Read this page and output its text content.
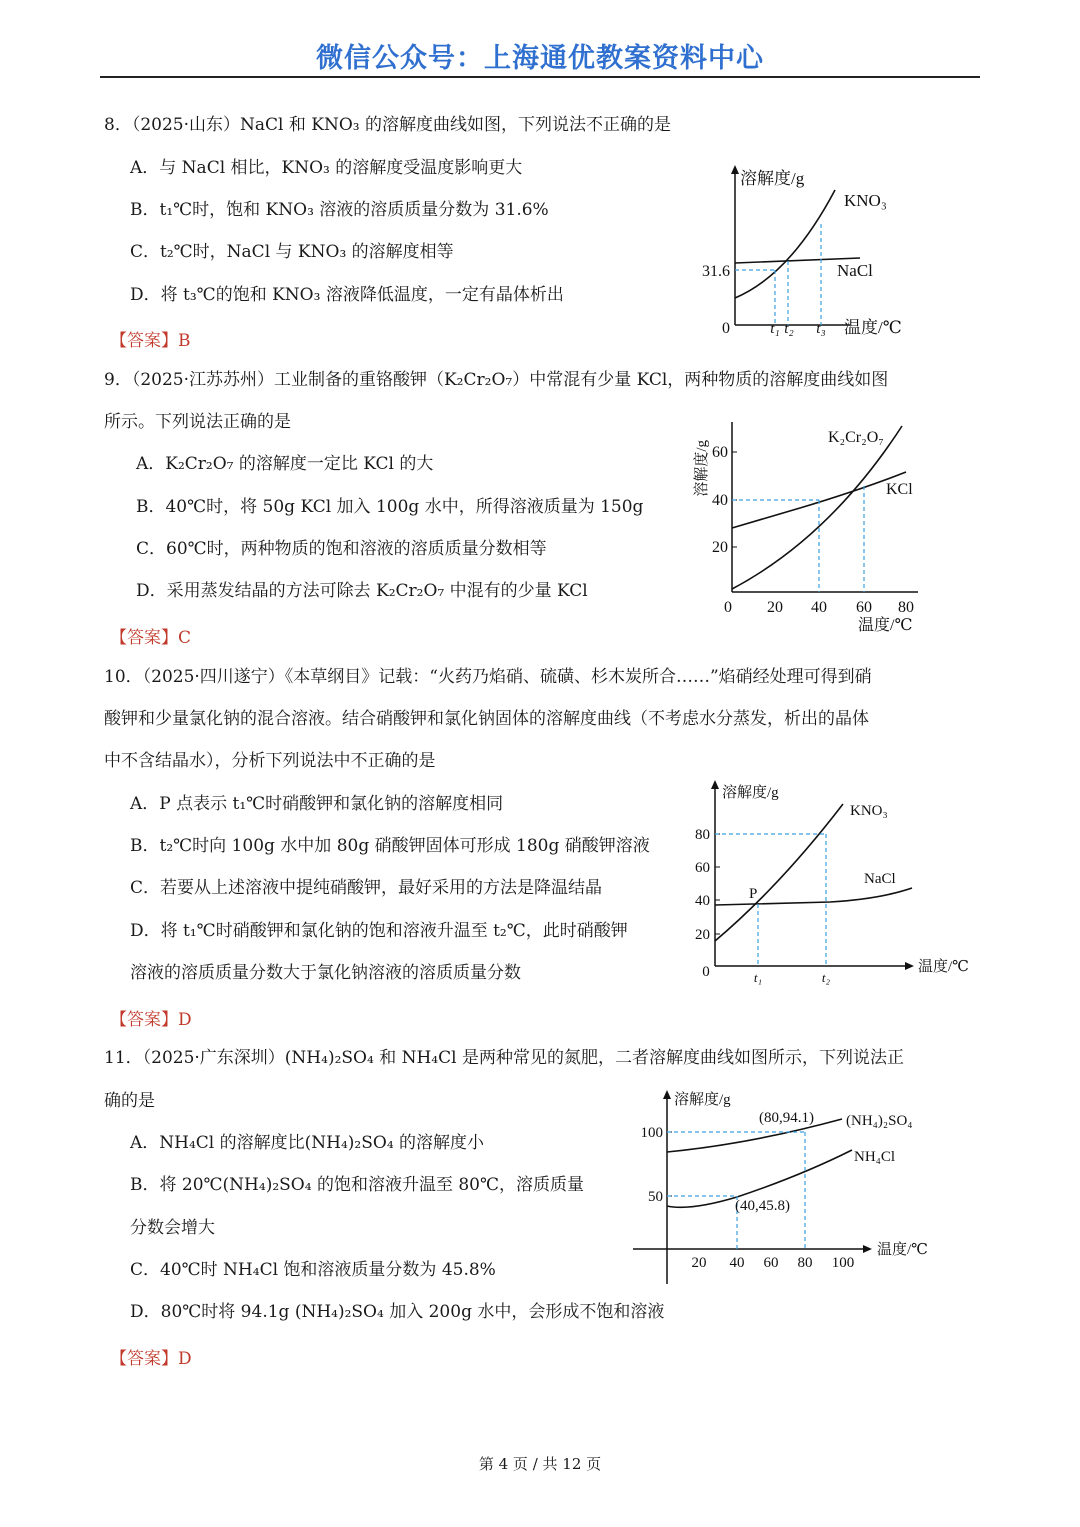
微信公众号：上海通优教案资料中心
8．（2025·山东）NaCl 和 KNO₃ 的溶解度曲线如图，下列说法不正确的是
A．与 NaCl 相比，KNO₃ 的溶解度受温度影响更大
B．t₁℃时，饱和 KNO₃ 溶液的溶质质量分数为 31.6%
C．t₂℃时，NaCl 与 KNO₃ 的溶解度相等
D．将 t₃℃的饱和 KNO₃ 溶液降低温度，一定有晶体析出
【答案】B
溶解度/g
0	温度/℃
31.6
t₁ t₂ t₃
KNO₃
NaCl
9．（2025·江苏苏州）工业制备的重铬酸钾（K₂Cr₂O₇）中常混有少量 KCl，两种物质的溶解度曲线如图
所示。下列说法正确的是
A．K₂Cr₂O₇ 的溶解度一定比 KCl 的大
B．40℃时，将 50g KCl 加入 100g 水中，所得溶液质量为 150g
C．60℃时，两种物质的饱和溶液的溶质质量分数相等
D．采用蒸发结晶的方法可除去 K₂Cr₂O₇ 中混有的少量 KCl
【答案】C
溶解度/g
20
40
60
0 20 40 60 80
温度/℃
K₂Cr₂O₇
KCl
10．（2025·四川遂宁）《本草纲目》记载：“火药乃焰硝、硫磺、杉木炭所合……”焰硝经处理可得到硝
酸钾和少量氯化钠的混合溶液。结合硝酸钾和氯化钠固体的溶解度曲线（不考虑水分蒸发，析出的晶体
中不含结晶水），分析下列说法中不正确的是
A．P 点表示 t₁℃时硝酸钾和氯化钠的溶解度相同
B．t₂℃时向 100g 水中加 80g 硝酸钾固体可形成 180g 硝酸钾溶液
C．若要从上述溶液中提纯硝酸钾，最好采用的方法是降温结晶
D．将 t₁℃时硝酸钾和氯化钠的饱和溶液升温至 t₂℃，此时硝酸钾
溶液的溶质质量分数大于氯化钠溶液的溶质质量分数
【答案】D
溶解度/g
20
40
60
80
0	温度/℃
P
t₁	t₂
KNO₃
NaCl
11．（2025·广东深圳）(NH₄)₂SO₄ 和 NH₄Cl 是两种常见的氮肥，二者溶解度曲线如图所示，下列说法正
确的是
A．NH₄Cl 的溶解度比(NH₄)₂SO₄ 的溶解度小
B．将 20℃(NH₄)₂SO₄ 的饱和溶液升温至 80℃，溶质质量
分数会增大
C．40℃时 NH₄Cl 饱和溶液质量分数为 45.8%
D．80℃时将 94.1g (NH₄)₂SO₄ 加入 200g 水中，会形成不饱和溶液
【答案】D
溶解度/g
100
50
20 40 60 80 100
温度/℃
(80,94.1)
(40,45.8)
(NH₄)₂SO₄
NH₄Cl
第 4 页 / 共 12 页
